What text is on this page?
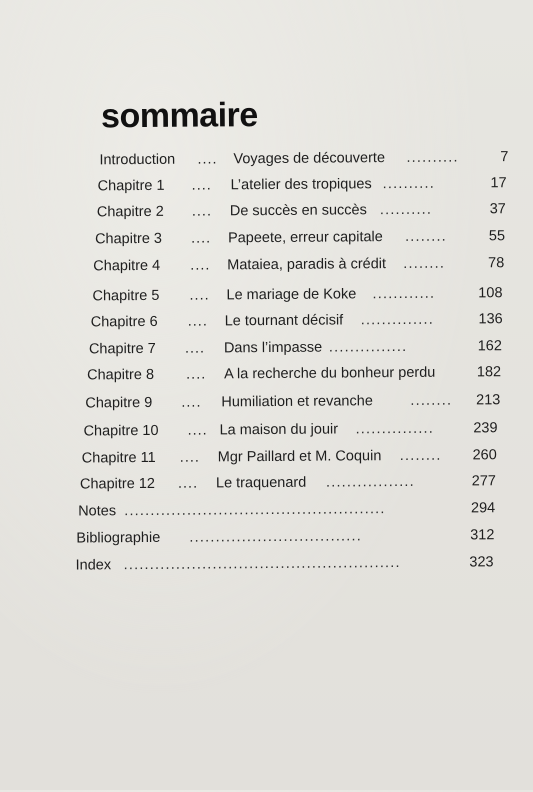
sommaire
Introduction .... Voyages de découverte ..........	7
Chapitre 1 .... L’atelier des tropiques ..........	17
Chapitre 2 .... De succès en succès ..........	37
Chapitre 3 .... Papeete, erreur capitale ........	55
Chapitre 4 .... Mataiea, paradis à crédit ........	78
Chapitre 5 .... Le mariage de Koke ............	108
Chapitre 6 .... Le tournant décisif ..............	136
Chapitre 7 .... Dans l’impasse ...............	162
Chapitre 8 .... A la recherche du bonheur perdu	182
Chapitre 9 .... Humiliation et revanche	........ 213
Chapitre 10 .... La maison du jouir ...............	239
Chapitre 11 .... Mgr Paillard et M. Coquin ........ 260
Chapitre 12 .... Le traquenard .................	277
Notes ..................................................	294
Bibliographie .................................	312
Index .....................................................	323
